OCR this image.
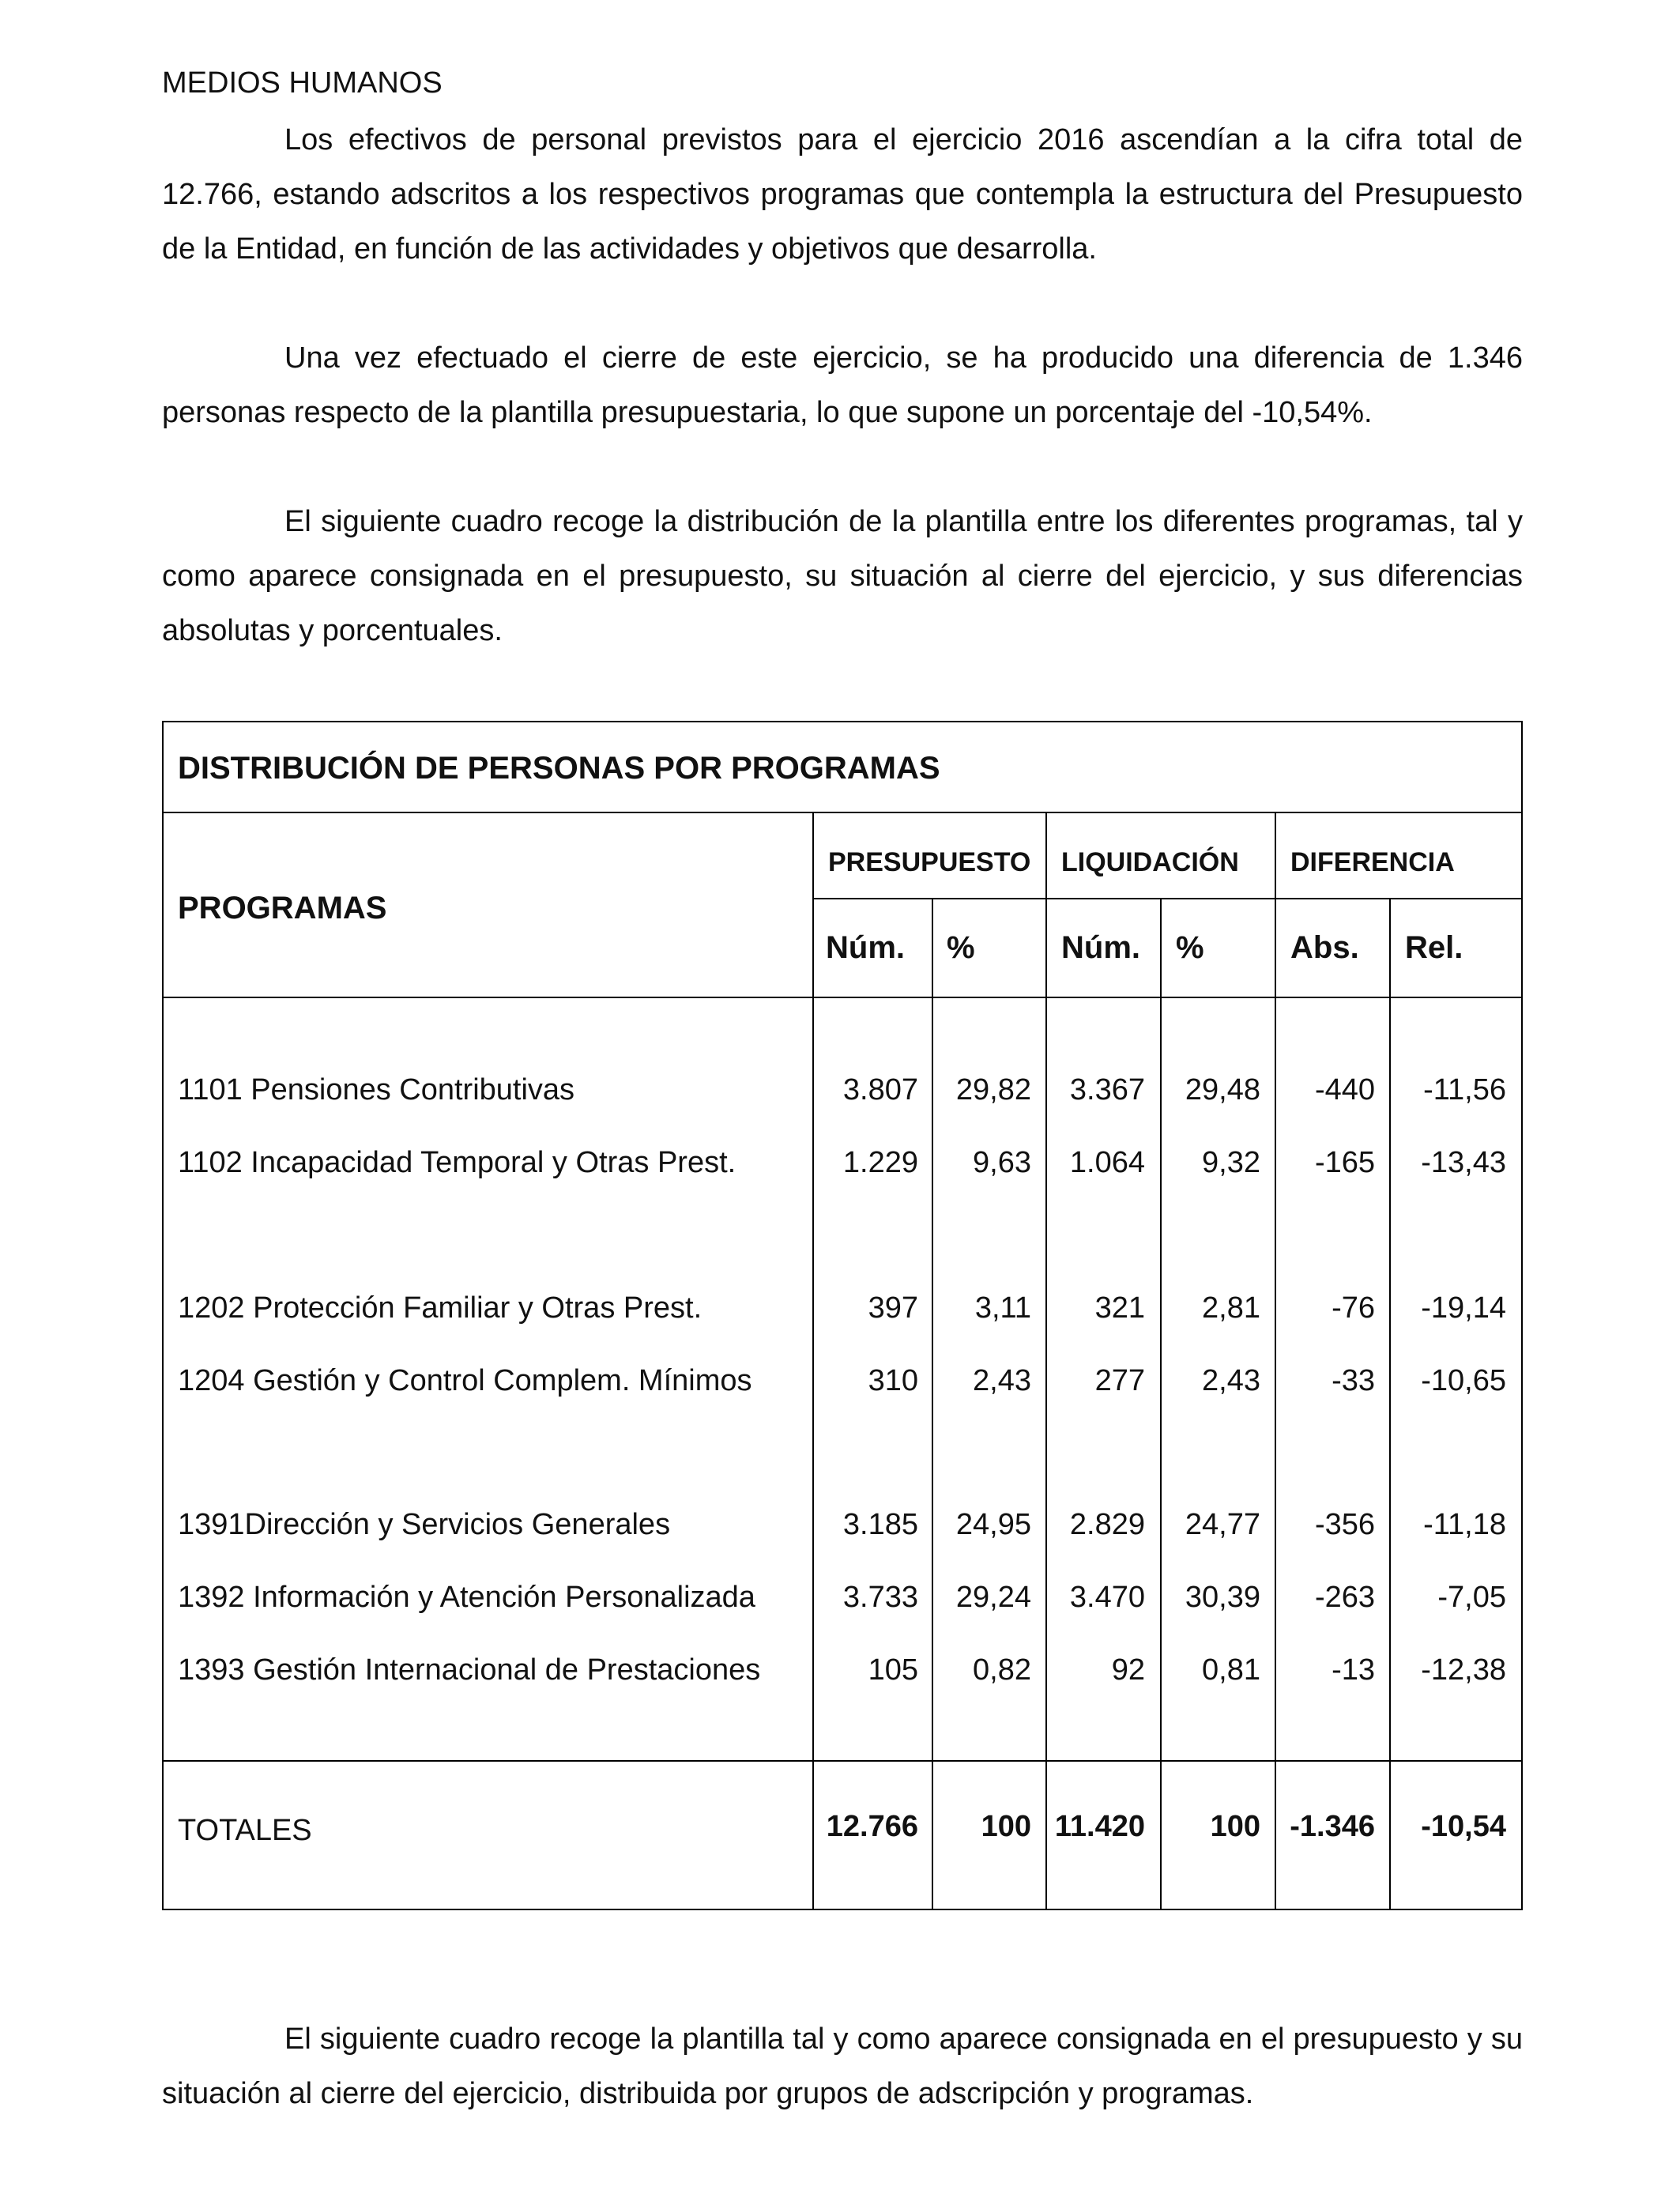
MEDIOS HUMANOS

Los efectivos de personal previstos para el ejercicio 2016 ascendían a la cifra total de 12.766, estando adscritos a los respectivos programas que contempla la estructura del Presupuesto de la Entidad, en función de las actividades y objetivos que desarrolla.

Una vez efectuado el cierre de este ejercicio, se ha producido una diferencia de 1.346 personas respecto de la plantilla presupuestaria, lo que supone un porcentaje del -10,54%.

El siguiente cuadro recoge la distribución de la plantilla entre los diferentes programas, tal y como aparece consignada en el presupuesto, su situación al cierre del ejercicio, y sus diferencias absolutas y porcentuales.

DISTRIBUCIÓN DE PERSONAS POR PROGRAMAS
PROGRAMAS
PRESUPUESTO LIQUIDACIÓN DIFERENCIA
Núm. %	Núm. %	Abs. Rel.
1101 Pensiones Contributivas	3.807 29,82 3.367 29,48 -440 -11,56
1102 Incapacidad Temporal y Otras Prest.	1.229 9,63 1.064 9,32 -165 -13,43
1202 Protección Familiar y Otras Prest.	397 3,11 321 2,81 -76 -19,14
1204 Gestión y Control Complem. Mínimos	310 2,43 277 2,43 -33 -10,65
1391Dirección y Servicios Generales	3.185 24,95 2.829 24,77 -356 -11,18
1392 Información y Atención Personalizada	3.733 29,24 3.470 30,39 -263 -7,05
1393 Gestión Internacional de Prestaciones	105 0,82	92 0,81 -13 -12,38
TOTALES	12.766 100 11.420 100 -1.346 -10,54

El siguiente cuadro recoge la plantilla tal y como aparece consignada en el presupuesto y su situación al cierre del ejercicio, distribuida por grupos de adscripción y programas.
